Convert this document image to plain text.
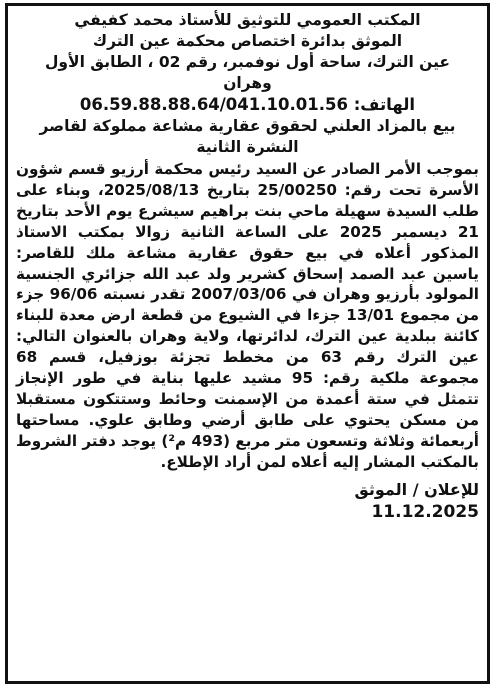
المكتب العمومي للتوثيق للأستاذ محمد كفيفي
الموثق بدائرة اختصاص محكمة عين الترك
عين الترك، ساحة أول نوفمبر، رقم 02 ، الطابق الأول
وهران
الهاتف: 06.59.88.88.64/041.10.01.56
بيع بالمزاد العلني لحقوق عقارية مشاعة مملوكة لقاصر
النشرة الثانية
بموجب الأمر الصادر عن السيد رئيس محكمة أرزيو قسم شؤون الأسرة تحت رقم: 25/00250 بتاريخ 2025/08/13، وبناء على طلب السيدة سهيلة ماحي بنت براهيم سيشرع يوم الأحد بتاريخ 21 ديسمبر 2025 على الساعة الثانية زوالا بمكتب الاستاذ المذكور أعلاه في بيع حقوق عقارية مشاعة ملك للقاصر: ياسين عبد الصمد إسحاق كشرير ولد عبد الله جزائري الجنسية المولود بأرزيو وهران في 2007/03/06 تقدر نسبته 96/06 جزء من مجموع 13/01 جزءا في الشيوع من قطعة ارض معدة للبناء كائنة ببلدية عين الترك، لدائرتها، ولاية وهران بالعنوان التالي: عين الترك رقم 63 من مخطط تجزئة بوزفيل، قسم 68 مجموعة ملكية رقم: 95 مشيد عليها بناية في طور الإنجاز تتمثل في ستة أعمدة من الإسمنت وحائط وستتكون مستقبلا من مسكن يحتوي على طابق أرضي وطابق علوي. مساحتها أربعمائة وثلاثة وتسعون متر مربع (493 م²) يوجد دفتر الشروط بالمكتب المشار إليه أعلاه لمن أراد الإطلاع.
للإعلان / الموثق
11.12.2025
